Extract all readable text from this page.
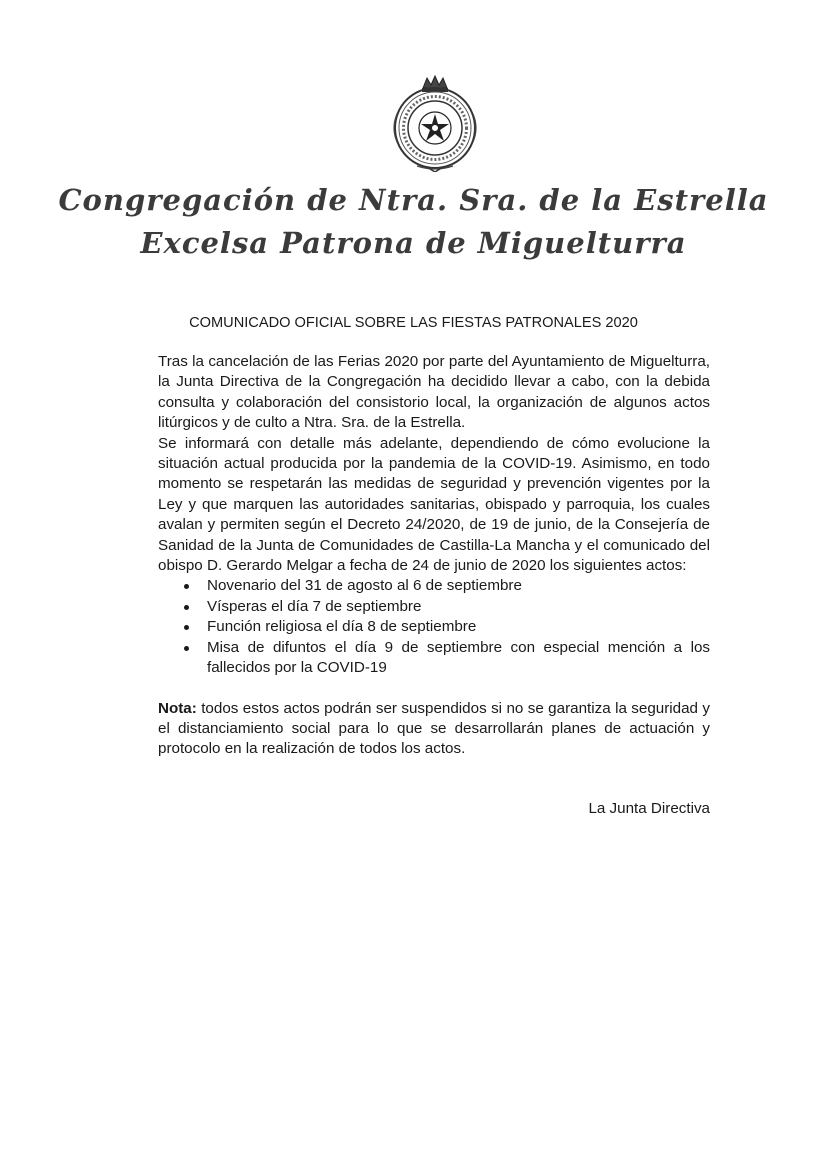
Congregación de Ntra. Sra. de la Estrella
Excelsa Patrona de Miguelturra
COMUNICADO OFICIAL SOBRE LAS FIESTAS PATRONALES 2020

Tras la cancelación de las Ferias 2020 por parte del Ayuntamiento de Miguelturra, la Junta Directiva de la Congregación ha decidido llevar a cabo, con la debida consulta y colaboración del consistorio local, la organización de algunos actos litúrgicos y de culto a Ntra. Sra. de la Estrella.

Se informará con detalle más adelante, dependiendo de cómo evolucione la situación actual producida por la pandemia de la COVID-19. Asimismo, en todo momento se respetarán las medidas de seguridad y prevención vigentes por la Ley y que marquen las autoridades sanitarias, obispado y parroquia, los cuales avalan y permiten según el Decreto 24/2020, de 19 de junio, de la Consejería de Sanidad de la Junta de Comunidades de Castilla-La Mancha y el comunicado del obispo D. Gerardo Melgar a fecha de 24 de junio de 2020 los siguientes actos:

Novenario del 31 de agosto al 6 de septiembre
Vísperas el día 7 de septiembre
Función religiosa el día 8 de septiembre
Misa de difuntos el día 9 de septiembre con especial mención a los fallecidos por la COVID-19

Nota: todos estos actos podrán ser suspendidos si no se garantiza la seguridad y el distanciamiento social para lo que se desarrollarán planes de actuación y protocolo en la realización de todos los actos.

La Junta Directiva
